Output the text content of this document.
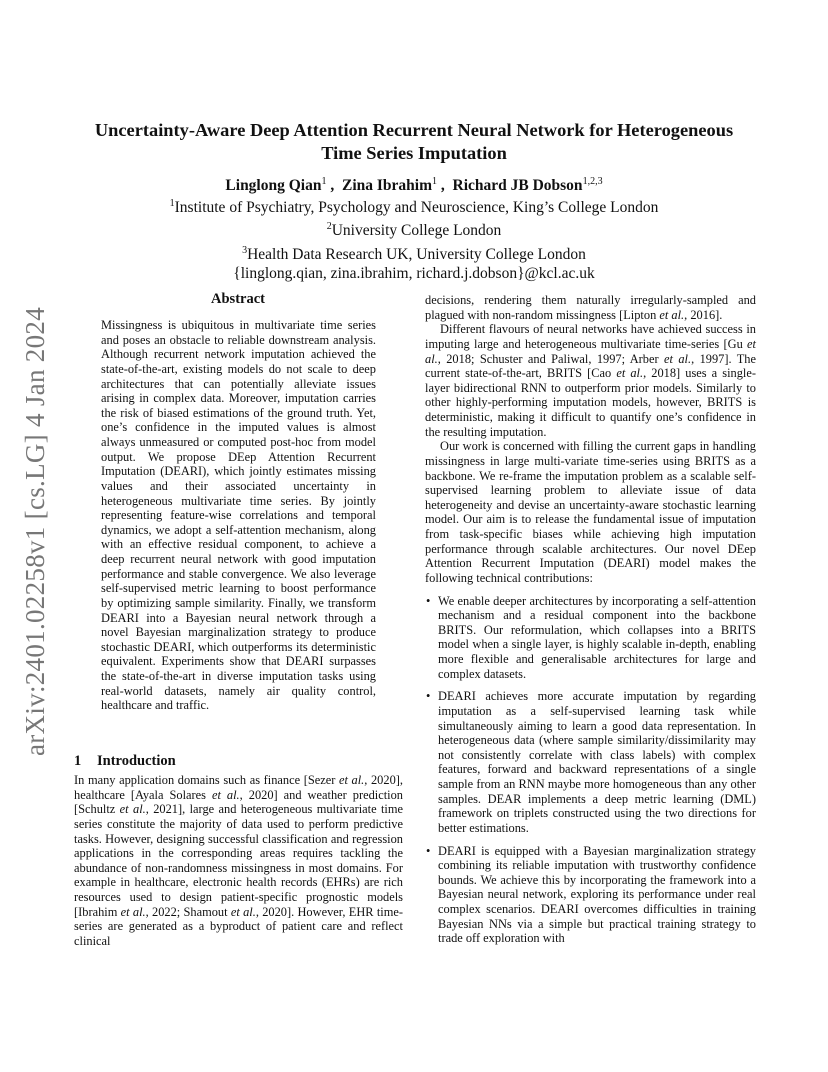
arXiv:2401.02258v1 [cs.LG] 4 Jan 2024
Uncertainty-Aware Deep Attention Recurrent Neural Network for Heterogeneous
Time Series Imputation
Linglong Qian$^1$ ,  Zina Ibrahim$^1$ ,  Richard JB Dobson$^{1,2,3}$
$^1$Institute of Psychiatry, Psychology and Neuroscience, King’s College London
$^2$University College London
$^3$Health Data Research UK, University College London
{linglong.qian, zina.ibrahim, richard.j.dobson}@kcl.ac.uk
Abstract
Missingness is ubiquitous in multivariate time series and poses an obstacle to reliable downstream analysis. Although recurrent network imputation achieved the state-of-the-art, existing models do not scale to deep architectures that can potentially alleviate issues arising in complex data. Moreover, imputation carries the risk of biased estimations of the ground truth. Yet, one’s confidence in the imputed values is almost always unmeasured or computed post-hoc from model output. We propose DEep Attention Recurrent Imputation (DEARI), which jointly estimates missing values and their associated uncertainty in heterogeneous multivariate time series. By jointly representing feature-wise correlations and temporal dynamics, we adopt a self-attention mechanism, along with an effective residual component, to achieve a deep recurrent neural network with good imputation performance and stable convergence. We also leverage self-supervised metric learning to boost performance by optimizing sample similarity. Finally, we transform DEARI into a Bayesian neural network through a novel Bayesian marginalization strategy to produce stochastic DEARI, which outperforms its deterministic equivalent. Experiments show that DEARI surpasses the state-of-the-art in diverse imputation tasks using real-world datasets, namely air quality control, healthcare and traffic.
1 Introduction
In many application domains such as finance [Sezer et al., 2020], healthcare [Ayala Solares et al., 2020] and weather prediction [Schultz et al., 2021], large and heterogeneous multivariate time series constitute the majority of data used to perform predictive tasks. However, designing successful classification and regression applications in the corresponding areas requires tackling the abundance of non-randomness missingness in most domains. For example in healthcare, electronic health records (EHRs) are rich resources used to design patient-specific prognostic models [Ibrahim et al., 2022; Shamout et al., 2020]. However, EHR time-series are generated as a byproduct of patient care and reflect clinical

decisions, rendering them naturally irregularly-sampled and plagued with non-random missingness [Lipton et al., 2016].

Different flavours of neural networks have achieved success in imputing large and heterogeneous multivariate time-series [Gu et al., 2018; Schuster and Paliwal, 1997; Arber et al., 1997]. The current state-of-the-art, BRITS [Cao et al., 2018] uses a single-layer bidirectional RNN to outperform prior models. Similarly to other highly-performing imputation models, however, BRITS is deterministic, making it difficult to quantify one’s confidence in the resulting imputation.

Our work is concerned with filling the current gaps in handling missingness in large multi-variate time-series using BRITS as a backbone. We re-frame the imputation problem as a scalable self-supervised learning problem to alleviate issue of data heterogeneity and devise an uncertainty-aware stochastic learning model. Our aim is to release the fundamental issue of imputation from task-specific biases while achieving high imputation performance through scalable architectures. Our novel DEep Attention Recurrent Imputation (DEARI) model makes the following technical contributions:

• We enable deeper architectures by incorporating a self-attention mechanism and a residual component into the backbone BRITS. Our reformulation, which collapses into a BRITS model when a single layer, is highly scalable in-depth, enabling more flexible and generalisable architectures for large and complex datasets.
• DEARI achieves more accurate imputation by regarding imputation as a self-supervised learning task while simultaneously aiming to learn a good data representation. In heterogeneous data (where sample similarity/dissimilarity may not consistently correlate with class labels) with complex features, forward and backward representations of a single sample from an RNN maybe more homogeneous than any other samples. DEAR implements a deep metric learning (DML) framework on triplets constructed using the two directions for better estimations.
• DEARI is equipped with a Bayesian marginalization strategy combining its reliable imputation with trustworthy confidence bounds. We achieve this by incorporating the framework into a Bayesian neural network, exploring its performance under real complex scenarios. DEARI overcomes difficulties in training Bayesian NNs via a simple but practical training strategy to trade off exploration with
